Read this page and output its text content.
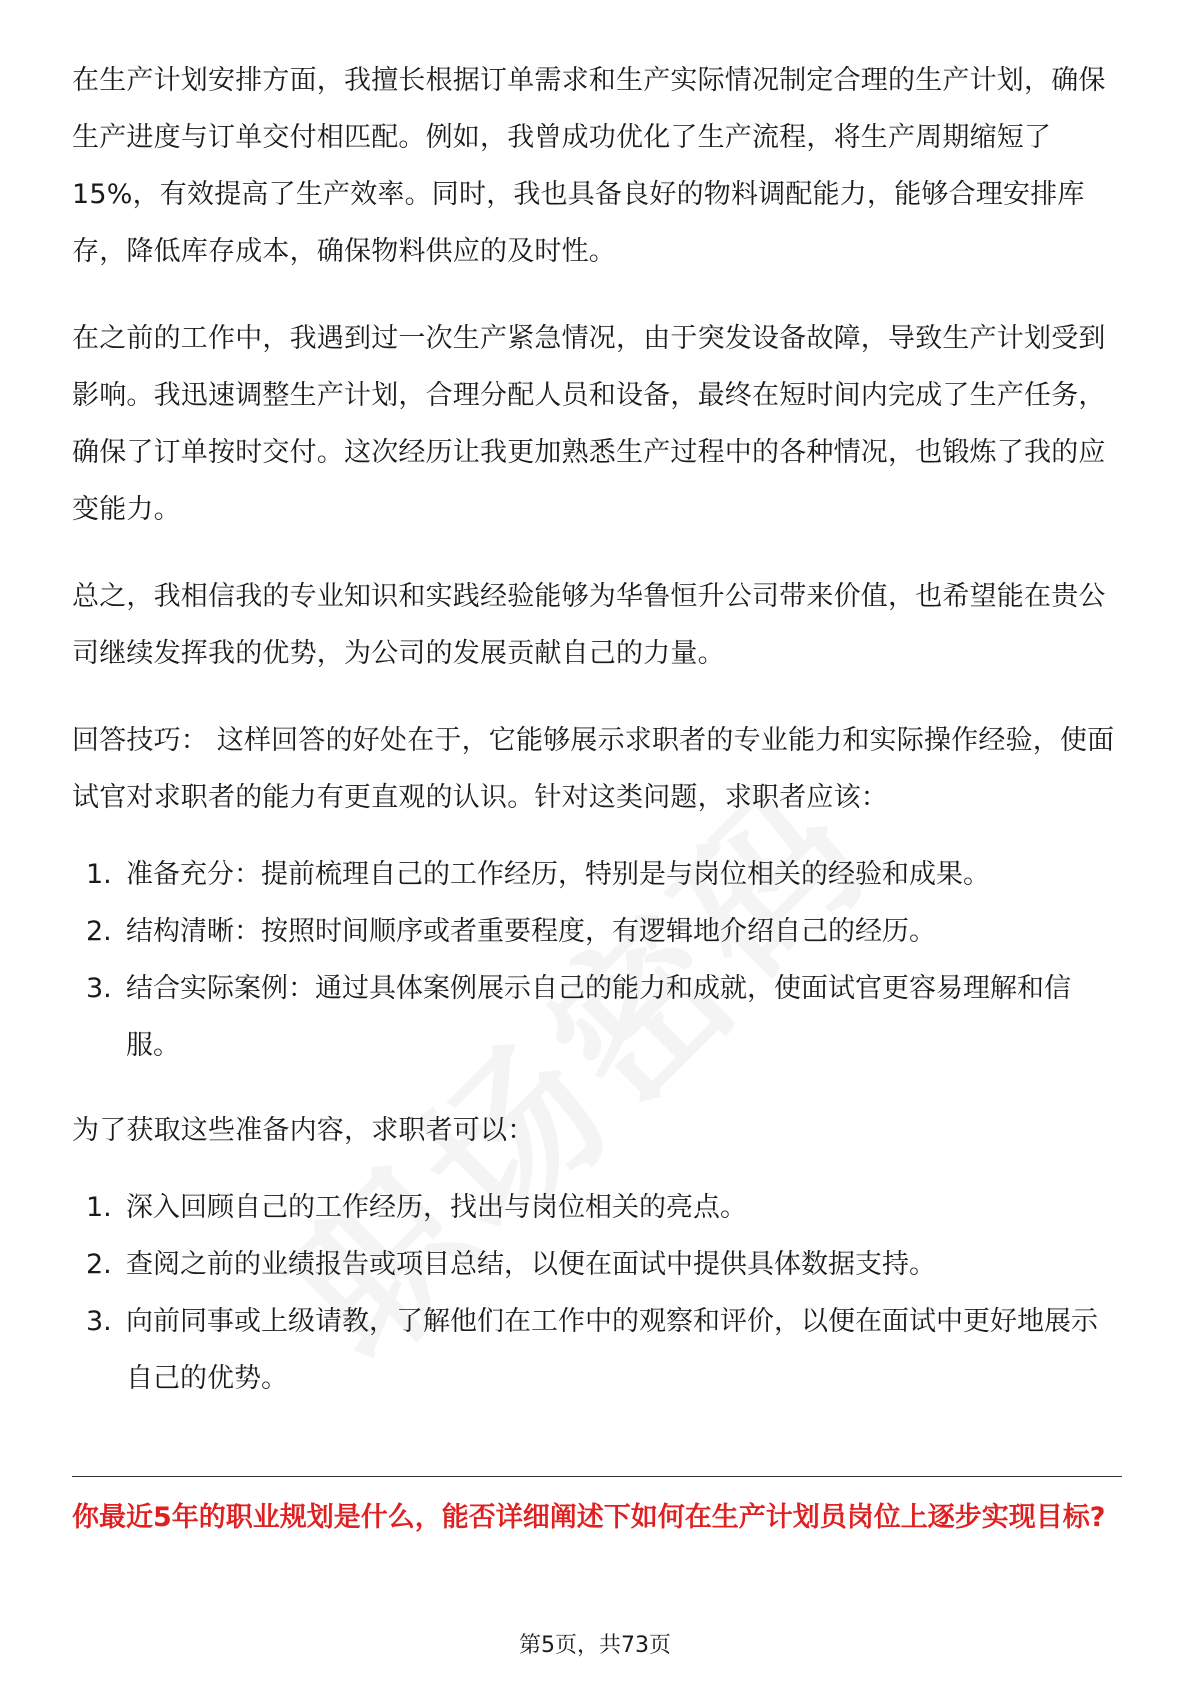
在生产计划安排方面，我擅长根据订单需求和生产实际情况制定合理的生产计划，确保生产进度与订单交付相匹配。例如，我曾成功优化了生产流程，将生产周期缩短了15%，有效提高了生产效率。同时，我也具备良好的物料调配能力，能够合理安排库存，降低库存成本，确保物料供应的及时性。

在之前的工作中，我遇到过一次生产紧急情况，由于突发设备故障，导致生产计划受到影响。我迅速调整生产计划，合理分配人员和设备，最终在短时间内完成了生产任务，确保了订单按时交付。这次经历让我更加熟悉生产过程中的各种情况，也锻炼了我的应变能力。

总之，我相信我的专业知识和实践经验能够为华鲁恒升公司带来价值，也希望能在贵公司继续发挥我的优势，为公司的发展贡献自己的力量。

回答技巧： 这样回答的好处在于，它能够展示求职者的专业能力和实际操作经验，使面试官对求职者的能力有更直观的认识。针对这类问题，求职者应该：

1. 准备充分：提前梳理自己的工作经历，特别是与岗位相关的经验和成果。
2. 结构清晰：按照时间顺序或者重要程度，有逻辑地介绍自己的经历。
3. 结合实际案例：通过具体案例展示自己的能力和成就，使面试官更容易理解和信服。

为了获取这些准备内容，求职者可以：

1. 深入回顾自己的工作经历，找出与岗位相关的亮点。
2. 查阅之前的业绩报告或项目总结，以便在面试中提供具体数据支持。
3. 向前同事或上级请教，了解他们在工作中的观察和评价，以便在面试中更好地展示自己的优势。
你最近5年的职业规划是什么，能否详细阐述下如何在生产计划员岗位上逐步实现目标?
第5页，共73页
